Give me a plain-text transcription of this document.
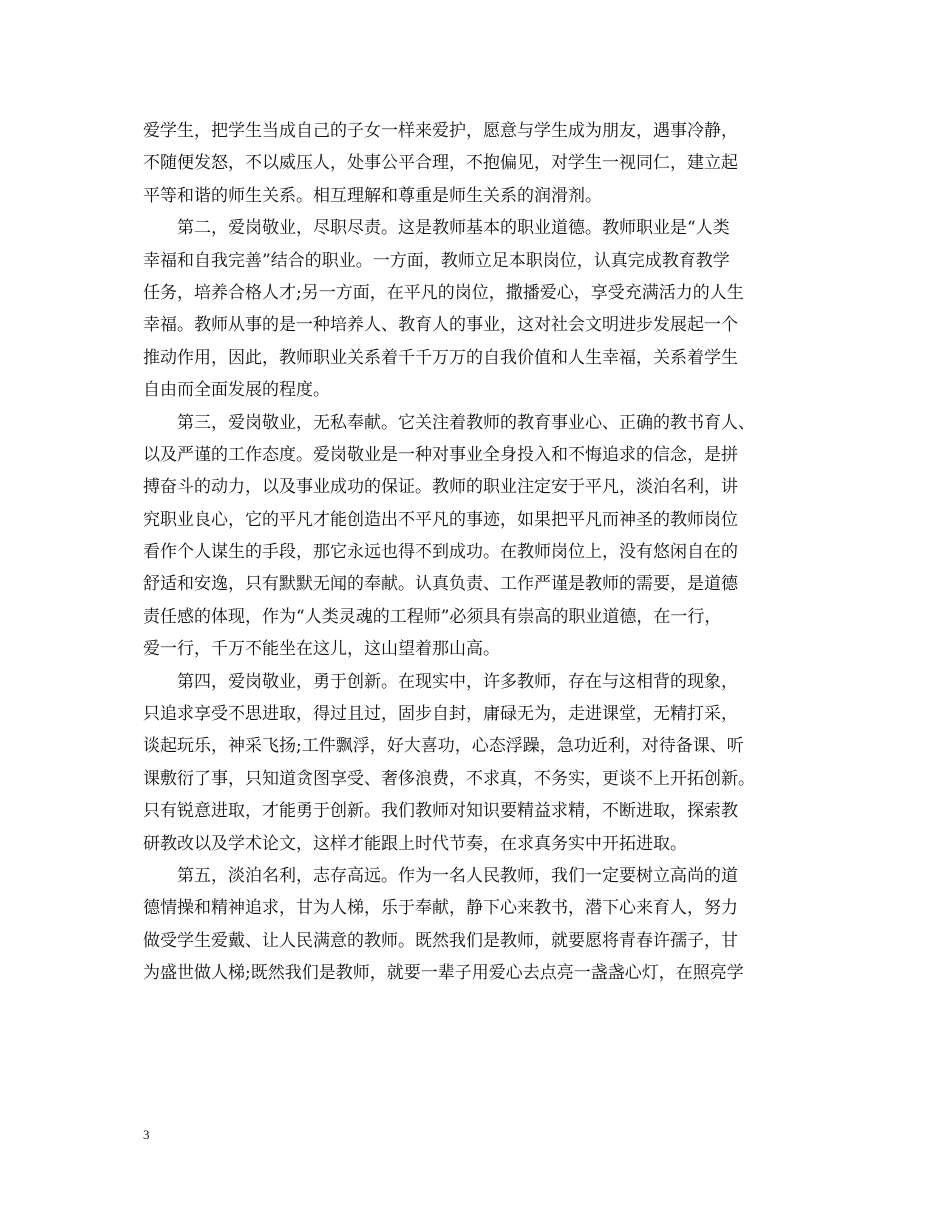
爱学生，把学生当成自己的子女一样来爱护，愿意与学生成为朋友，遇事冷静，
不随便发怒，不以威压人，处事公平合理，不抱偏见，对学生一视同仁，建立起
平等和谐的师生关系。相互理解和尊重是师生关系的润滑剂。
　　第二，爱岗敬业，尽职尽责。这是教师基本的职业道德。教师职业是“人类
幸福和自我完善”结合的职业。一方面，教师立足本职岗位，认真完成教育教学
任务，培养合格人才;另一方面，在平凡的岗位，撒播爱心，享受充满活力的人生
幸福。教师从事的是一种培养人、教育人的事业，这对社会文明进步发展起一个
推动作用，因此，教师职业关系着千千万万的自我价值和人生幸福，关系着学生
自由而全面发展的程度。
　　第三，爱岗敬业，无私奉献。它关注着教师的教育事业心、正确的教书育人、
以及严谨的工作态度。爱岗敬业是一种对事业全身投入和不悔追求的信念，是拼
搏奋斗的动力，以及事业成功的保证。教师的职业注定安于平凡，淡泊名利，讲
究职业良心，它的平凡才能创造出不平凡的事迹，如果把平凡而神圣的教师岗位
看作个人谋生的手段，那它永远也得不到成功。在教师岗位上，没有悠闲自在的
舒适和安逸，只有默默无闻的奉献。认真负责、工作严谨是教师的需要，是道德
责任感的体现，作为“人类灵魂的工程师”必须具有崇高的职业道德，在一行，
爱一行，千万不能坐在这儿，这山望着那山高。
　　第四，爱岗敬业，勇于创新。在现实中，许多教师，存在与这相背的现象，
只追求享受不思进取，得过且过，固步自封，庸碌无为，走进课堂，无精打采，
谈起玩乐，神采飞扬;工件飘浮，好大喜功，心态浮躁，急功近利，对待备课、听
课敷衍了事，只知道贪图享受、奢侈浪费，不求真，不务实，更谈不上开拓创新。
只有锐意进取，才能勇于创新。我们教师对知识要精益求精，不断进取，探索教
研教改以及学术论文，这样才能跟上时代节奏，在求真务实中开拓进取。
　　第五，淡泊名利，志存高远。作为一名人民教师，我们一定要树立高尚的道
德情操和精神追求，甘为人梯，乐于奉献，静下心来教书，潜下心来育人，努力
做受学生爱戴、让人民满意的教师。既然我们是教师，就要愿将青春许孺子，甘
为盛世做人梯;既然我们是教师，就要一辈子用爱心去点亮一盏盏心灯，在照亮学
3
